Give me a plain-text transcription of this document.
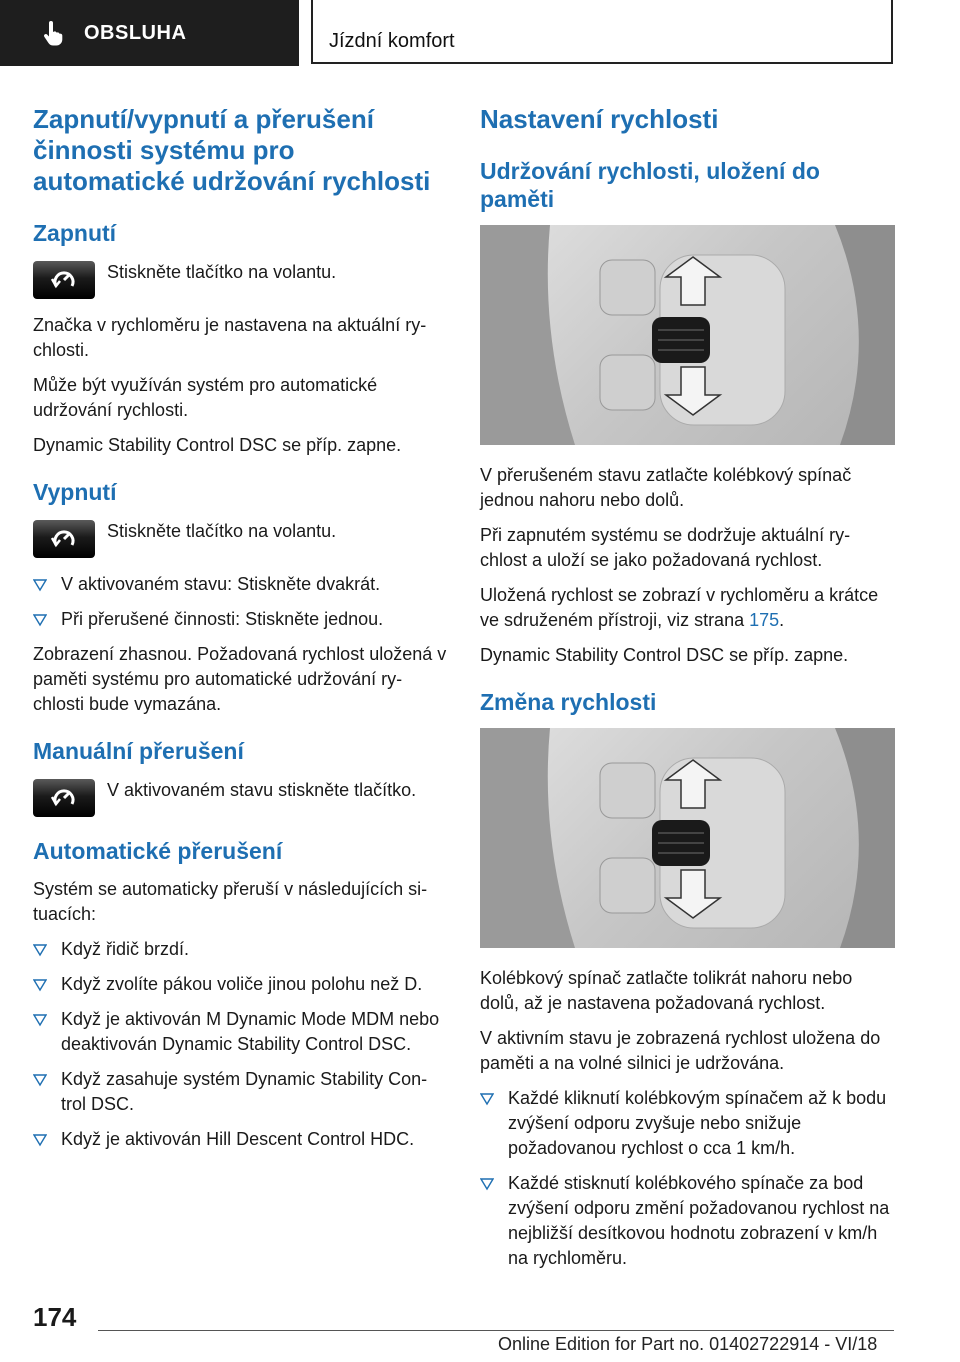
OBSLUHA	Jízdní komfort
Zapnutí/vypnutí a přerušení činnosti systému pro automatické udržování rychlosti
Zapnutí
Stiskněte tlačítko na volantu.

Značka v rychloměru je nastavena na aktuální ry-chlosti.

Může být využíván systém pro automatické udržování rychlosti.

Dynamic Stability Control DSC se příp. zapne.

Vypnutí
Stiskněte tlačítko na volantu.
V aktivovaném stavu: Stiskněte dvakrát.
Při přerušené činnosti: Stiskněte jednou.

Zobrazení zhasnou. Požadovaná rychlost uložená v paměti systému pro automatické udržování ry-chlosti bude vymazána.

Manuální přerušení
V aktivovaném stavu stiskněte tlačítko.
Automatické přerušení

Systém se automaticky přeruší v následujících si-tuacích:

Když řidič brzdí.
Když zvolíte pákou voliče jinou polohu než D.
Když je aktivován M Dynamic Mode MDM nebo deaktivován Dynamic Stability Control DSC.
Když zasahuje systém Dynamic Stability Con-trol DSC.
Když je aktivován Hill Descent Control HDC.
Nastavení rychlosti
Udržování rychlosti, uložení do paměti

V přerušeném stavu zatlačte kolébkový spínač jednou nahoru nebo dolů.

Při zapnutém systému se dodržuje aktuální ry-chlost a uloží se jako požadovaná rychlost.

Uložená rychlost se zobrazí v rychloměru a krátce ve sdruženém přístroji, viz strana 175.

Dynamic Stability Control DSC se příp. zapne.

Změna rychlosti

Kolébkový spínač zatlačte tolikrát nahoru nebo dolů, až je nastavena požadovaná rychlost.

V aktivním stavu je zobrazená rychlost uložena do paměti a na volné silnici je udržována.

Každé kliknutí kolébkovým spínačem až k bodu zvýšení odporu zvyšuje nebo snižuje požadovanou rychlost o cca 1 km/h.
Každé stisknutí kolébkového spínače za bod zvýšení odporu změní požadovanou rychlost na nejbližší desítkovou hodnotu zobrazení v km/h na rychloměru.
174
Online Edition for Part no. 01402722914 - VI/18
